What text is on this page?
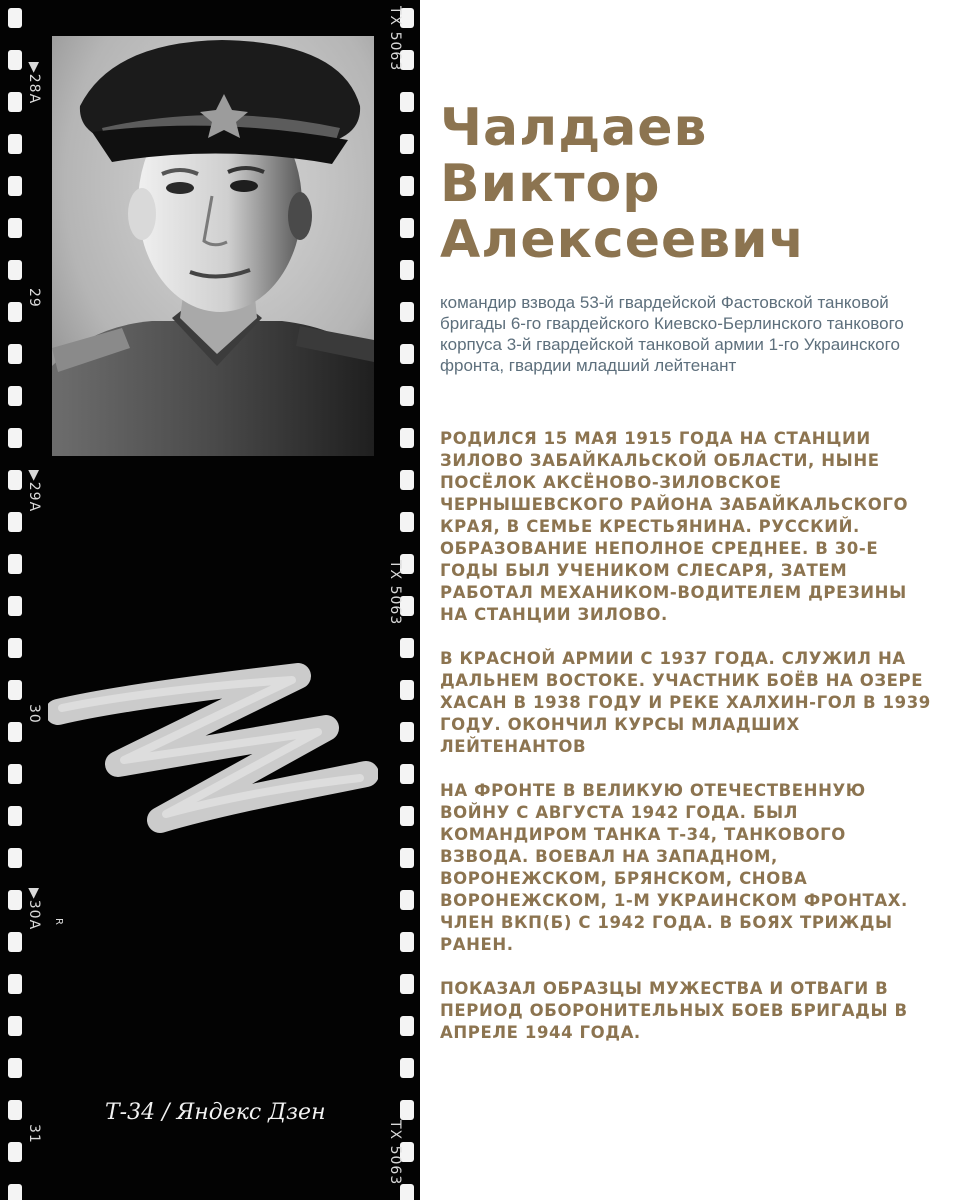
▶28A
29
▶29A
30
▶30A
31
R
TX 5063
TX 5063
TX 5063
Т-34 / Яндекс Дзен
Чалдаев
Виктор
Алексеевич

командир взвода 53-й гвардейской Фастовской танковой бригады 6-го гвардейского Киевско-Берлинского танкового корпуса 3-й гвардейской танковой армии 1-го Украинского фронта, гвардии младший лейтенант

РОДИЛСЯ 15 МАЯ 1915 ГОДА НА СТАНЦИИ ЗИЛОВО ЗАБАЙКАЛЬСКОЙ ОБЛАСТИ, НЫНЕ ПОСЁЛОК АКСЁНОВО-ЗИЛОВСКОЕ ЧЕРНЫШЕВСКОГО РАЙОНА ЗАБАЙКАЛЬСКОГО КРАЯ, В СЕМЬЕ КРЕСТЬЯНИНА. РУССКИЙ. ОБРАЗОВАНИЕ НЕПОЛНОЕ СРЕДНЕЕ. В 30-Е ГОДЫ БЫЛ УЧЕНИКОМ СЛЕСАРЯ, ЗАТЕМ РАБОТАЛ МЕХАНИКОМ-ВОДИТЕЛЕМ ДРЕЗИНЫ НА СТАНЦИИ ЗИЛОВО.

В КРАСНОЙ АРМИИ С 1937 ГОДА. СЛУЖИЛ НА ДАЛЬНЕМ ВОСТОКЕ. УЧАСТНИК БОЁВ НА ОЗЕРЕ ХАСАН В 1938 ГОДУ И РЕКЕ ХАЛХИН-ГОЛ В 1939 ГОДУ. ОКОНЧИЛ КУРСЫ МЛАДШИХ ЛЕЙТЕНАНТОВ

НА ФРОНТЕ В ВЕЛИКУЮ ОТЕЧЕСТВЕННУЮ ВОЙНУ С АВГУСТА 1942 ГОДА. БЫЛ КОМАНДИРОМ ТАНКА Т-34, ТАНКОВОГО ВЗВОДА. ВОЕВАЛ НА ЗАПАДНОМ, ВОРОНЕЖСКОМ, БРЯНСКОМ, СНОВА ВОРОНЕЖСКОМ, 1-М УКРАИНСКОМ ФРОНТАХ. ЧЛЕН ВКП(Б) С 1942 ГОДА. В БОЯХ ТРИЖДЫ РАНЕН.

ПОКАЗАЛ ОБРАЗЦЫ МУЖЕСТВА И ОТВАГИ В ПЕРИОД ОБОРОНИТЕЛЬНЫХ БОЕВ БРИГАДЫ В АПРЕЛЕ 1944 ГОДА.
